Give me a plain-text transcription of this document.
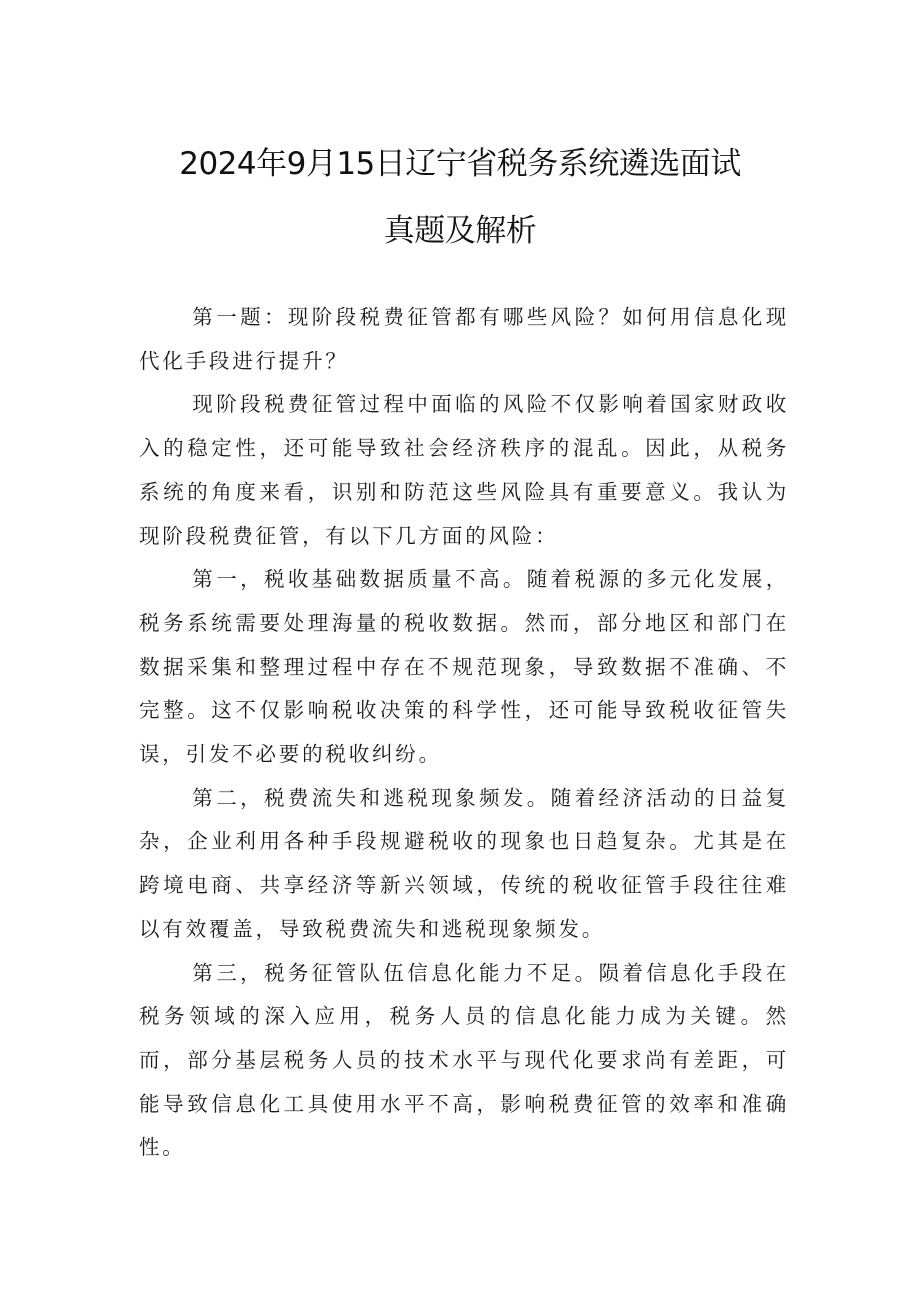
2024年9月15日辽宁省税务系统遴选面试
真题及解析

第一题：现阶段税费征管都有哪些风险？如何用信息化现代化手段进行提升？

现阶段税费征管过程中面临的风险不仅影响着国家财政收入的稳定性，还可能导致社会经济秩序的混乱。因此，从税务系统的角度来看，识别和防范这些风险具有重要意义。我认为现阶段税费征管，有以下几方面的风险：

第一，税收基础数据质量不高。随着税源的多元化发展，税务系统需要处理海量的税收数据。然而，部分地区和部门在数据采集和整理过程中存在不规范现象，导致数据不准确、不完整。这不仅影响税收决策的科学性，还可能导致税收征管失误，引发不必要的税收纠纷。

第二，税费流失和逃税现象频发。随着经济活动的日益复杂，企业利用各种手段规避税收的现象也日趋复杂。尤其是在跨境电商、共享经济等新兴领域，传统的税收征管手段往往难以有效覆盖，导致税费流失和逃税现象频发。

第三，税务征管队伍信息化能力不足。陨着信息化手段在税务领域的深入应用，税务人员的信息化能力成为关键。然而，部分基层税务人员的技术水平与现代化要求尚有差距，可能导致信息化工具使用水平不高，影响税费征管的效率和准确性。
